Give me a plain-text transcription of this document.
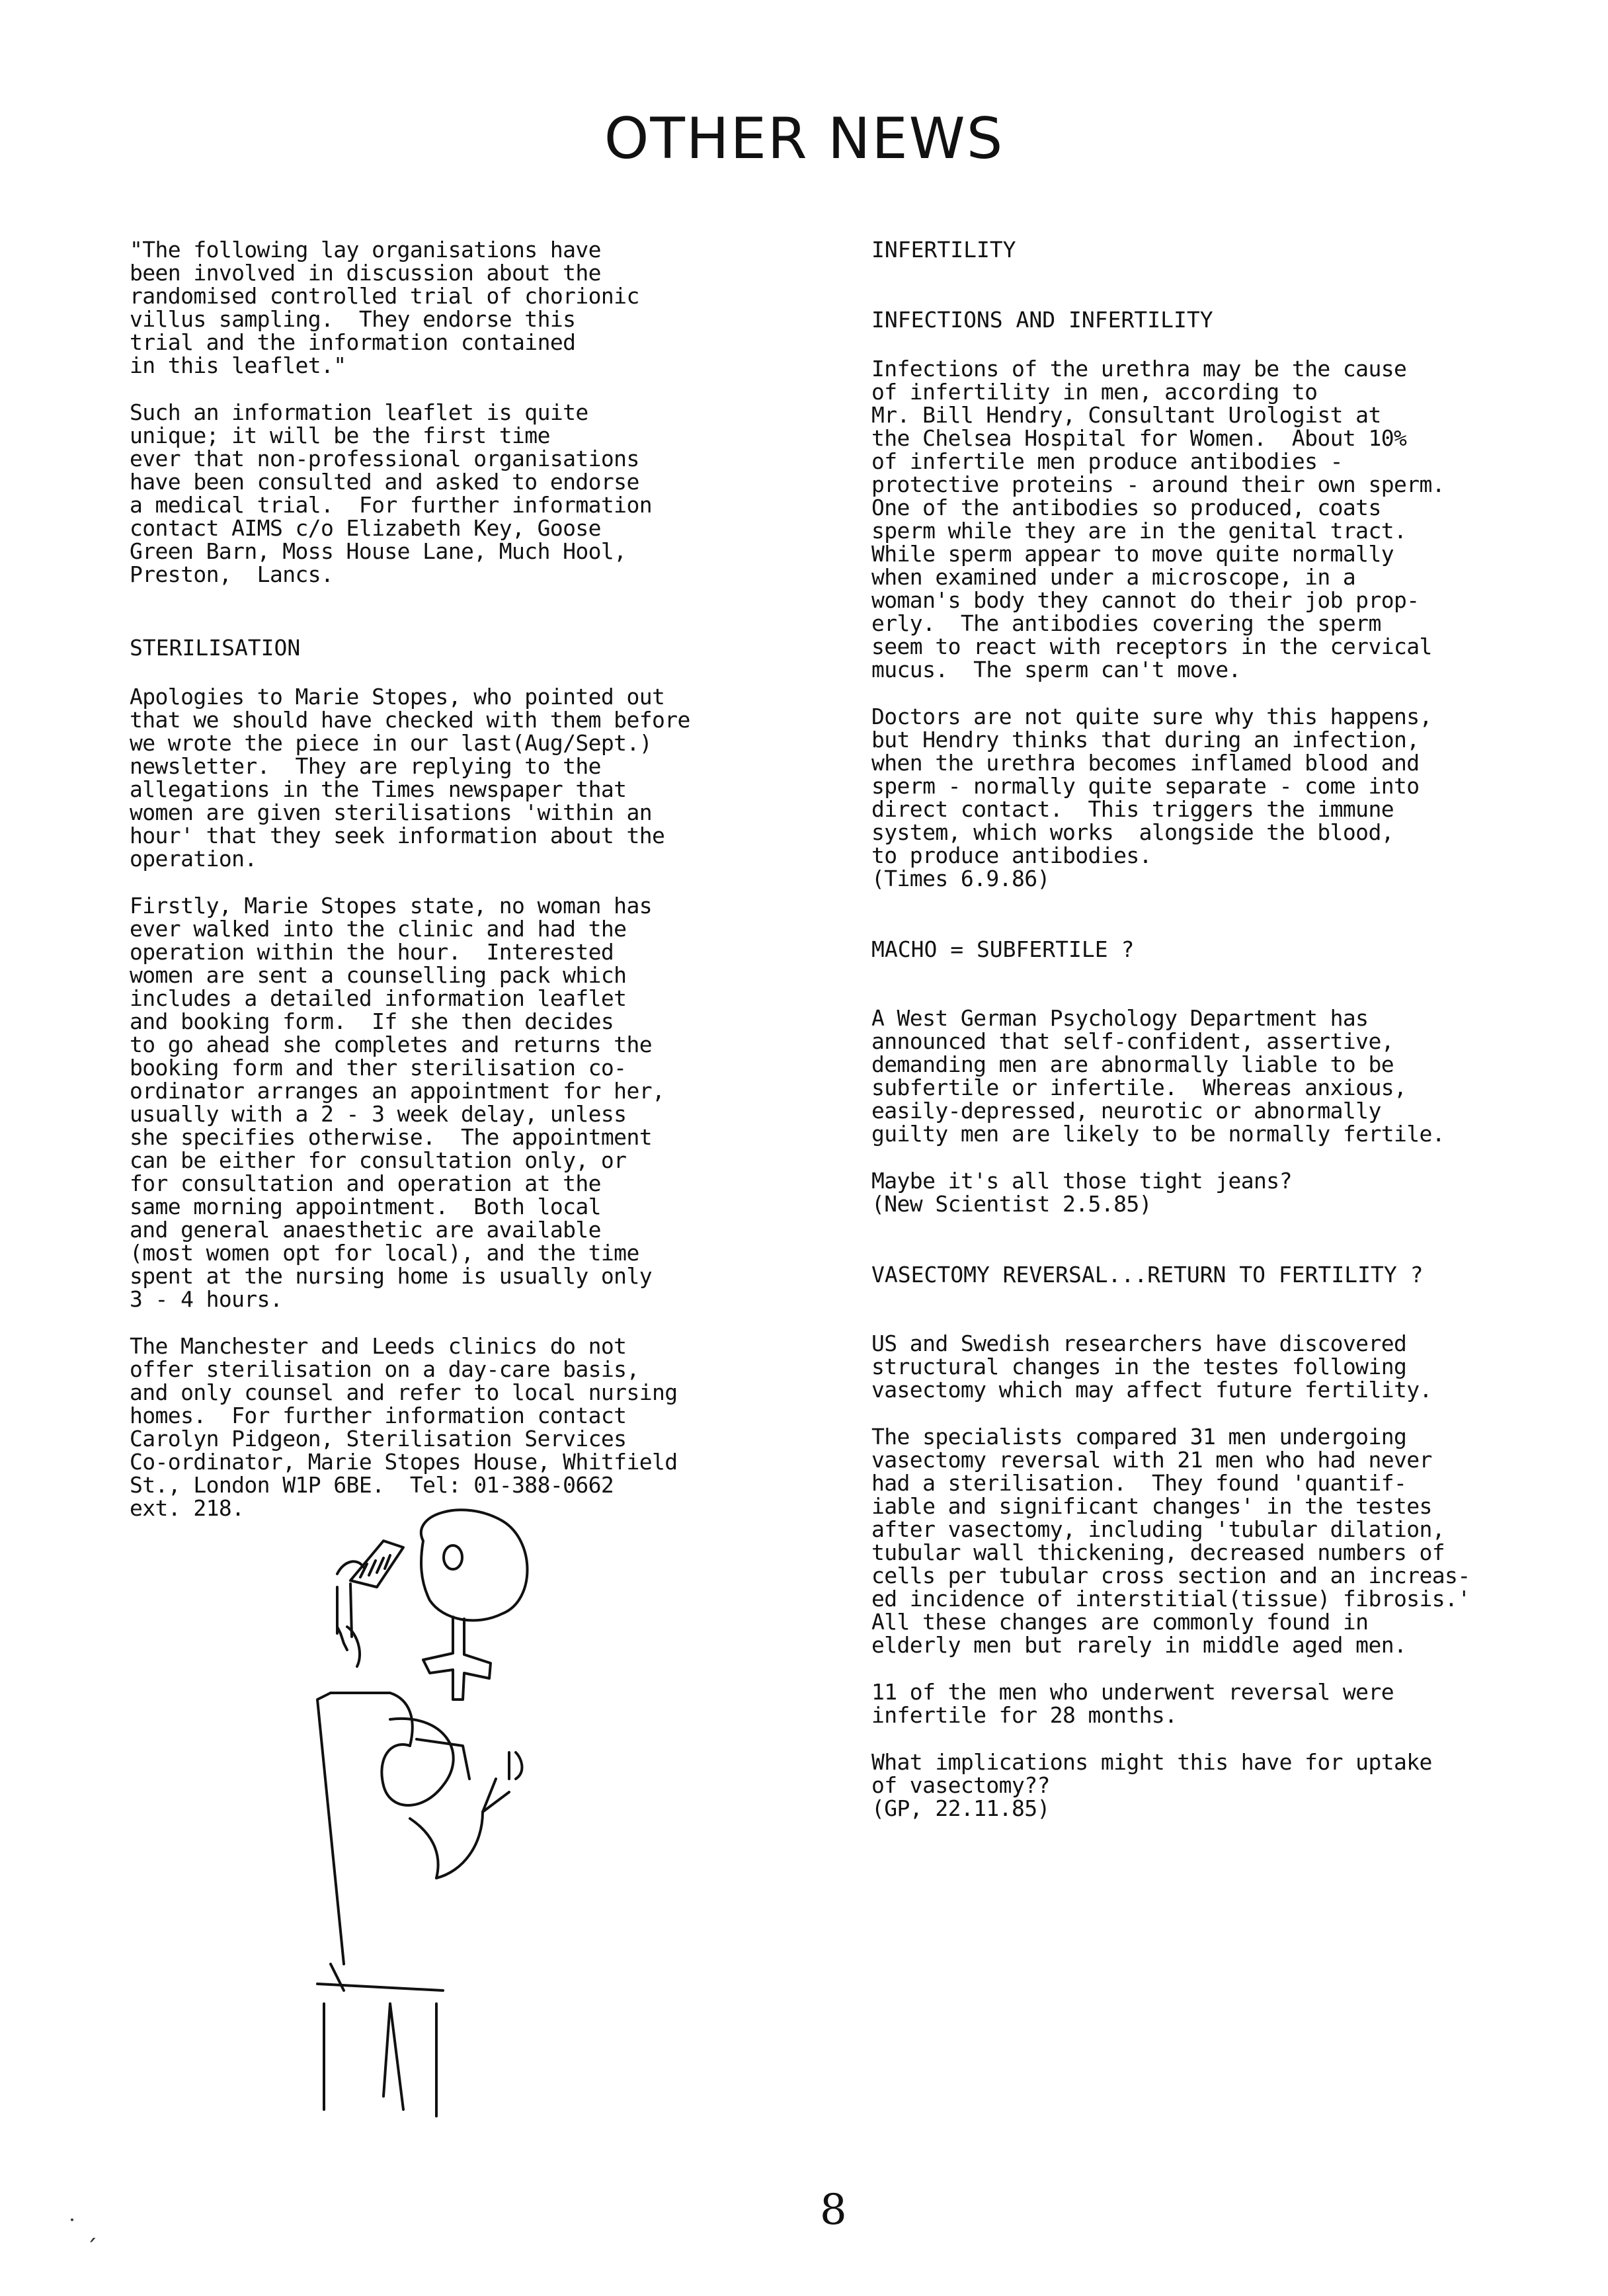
OTHER NEWS

"The following lay organisations have
been involved in discussion about the
randomised controlled trial of chorionic
villus sampling.  They endorse this
trial and the information contained
in this leaflet."

Such an information leaflet is quite
unique; it will be the first time
ever that non-professional organisations
have been consulted and asked to endorse
a medical trial.  For further information
contact AIMS c/o Elizabeth Key, Goose
Green Barn, Moss House Lane, Much Hool,
Preston,  Lancs.

STERILISATION

Apologies to Marie Stopes, who pointed out
that we should have checked with them before
we wrote the piece in our last(Aug/Sept.)
newsletter.  They are replying to the
allegations in the Times newspaper that
women are given sterilisations 'within an
hour' that they seek information about the
operation.

Firstly, Marie Stopes state, no woman has
ever walked into the clinic and had the
operation within the hour.  Interested
women are sent a counselling pack which
includes a detailed information leaflet
and booking form.  If she then decides
to go ahead she completes and returns the
booking form and ther sterilisation co-
ordinator arranges an appointment for her,
usually with a 2 - 3 week delay, unless
she specifies otherwise.  The appointment
can be either for consultation only, or
for consultation and operation at the
same morning appointment.  Both local
and general anaesthetic are available
(most women opt for local), and the time
spent at the nursing home is usually only
3 - 4 hours.

The Manchester and Leeds clinics do not
offer sterilisation on a day-care basis,
and only counsel and refer to local nursing
homes.  For further information contact
Carolyn Pidgeon, Sterilisation Services
Co-ordinator, Marie Stopes House, Whitfield
St., London W1P 6BE.  Tel: 01-388-0662
ext. 218.

INFERTILITY

INFECTIONS AND INFERTILITY

Infections of the urethra may be the cause
of infertility in men, according to
Mr. Bill Hendry, Consultant Urologist at
the Chelsea Hospital for Women.  About 10%
of infertile men produce antibodies -
protective proteins - around their own sperm.
One of the antibodies so produced, coats
sperm while they are in the genital tract.
While sperm appear to move quite normally
when examined under a microscope, in a
woman's body they cannot do their job prop-
erly.  The antibodies covering the sperm
seem to react with receptors in the cervical
mucus.  The sperm can't move.

Doctors are not quite sure why this happens,
but Hendry thinks that during an infection,
when the urethra becomes inflamed blood and
sperm - normally quite separate - come into
direct contact.  This triggers the immune
system, which works  alongside the blood,
to produce antibodies.
(Times 6.9.86)

MACHO = SUBFERTILE ?

A West German Psychology Department has
announced that self-confident, assertive,
demanding men are abnormally liable to be
subfertile or infertile.  Whereas anxious,
easily-depressed, neurotic or abnormally
guilty men are likely to be normally fertile.

Maybe it's all those tight jeans?
(New Scientist 2.5.85)

VASECTOMY REVERSAL...RETURN TO FERTILITY ?

US and Swedish researchers have discovered
structural changes in the testes following
vasectomy which may affect future fertility.

The specialists compared 31 men undergoing
vasectomy reversal with 21 men who had never
had a sterilisation.  They found 'quantif-
iable and significant changes' in the testes
after vasectomy, including 'tubular dilation,
tubular wall thickening, decreased numbers of
cells per tubular cross section and an increas-
ed incidence of interstitial(tissue) fibrosis.'
All these changes are commonly found in
elderly men but rarely in middle aged men.

11 of the men who underwent reversal were
infertile for 28 months.

What implications might this have for uptake
of vasectomy??
(GP, 22.11.85)

˙ ˏ	8
